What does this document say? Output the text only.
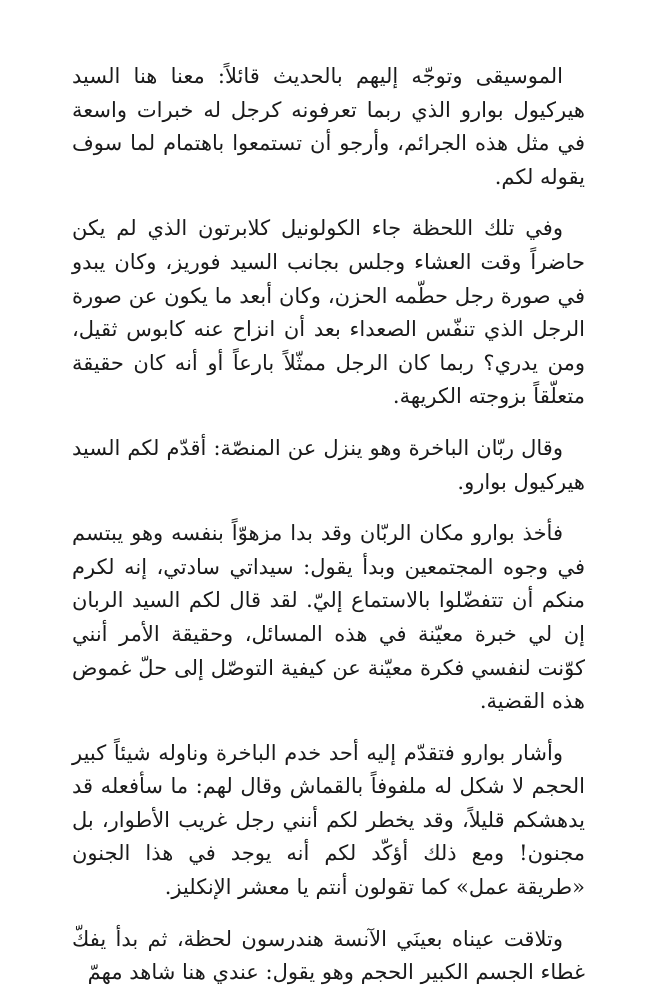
الموسيقى وتوجّه إليهم بالحديث قائلاً: معنا هنا السيد هيركيول بوارو الذي ربما تعرفونه كرجل له خبرات واسعة في مثل هذه الجرائم، وأرجو أن تستمعوا باهتمام لما سوف يقوله لكم.

وفي تلك اللحظة جاء الكولونيل كلابرتون الذي لم يكن حاضراً وقت العشاء وجلس بجانب السيد فوريز، وكان يبدو في صورة رجل حطّمه الحزن، وكان أبعد ما يكون عن صورة الرجل الذي تنفّس الصعداء بعد أن انزاح عنه كابوس ثقيل، ومن يدري؟ ربما كان الرجل ممثّلاً بارعاً أو أنه كان حقيقة متعلّقاً بزوجته الكريهة.

وقال ربّان الباخرة وهو ينزل عن المنصّة: أقدّم لكم السيد هيركيول بوارو.

فأخذ بوارو مكان الربّان وقد بدا مزهوّاً بنفسه وهو يبتسم في وجوه المجتمعين وبدأ يقول: سيداتي سادتي، إنه لكرم منكم أن تتفضّلوا بالاستماع إليّ. لقد قال لكم السيد الربان إن لي خبرة معيّنة في هذه المسائل، وحقيقة الأمر أنني كوّنت لنفسي فكرة معيّنة عن كيفية التوصّل إلى حلّ غموض هذه القضية.

وأشار بوارو فتقدّم إليه أحد خدم الباخرة وناوله شيئاً كبير الحجم لا شكل له ملفوفاً بالقماش وقال لهم: ما سأفعله قد يدهشكم قليلاً، وقد يخطر لكم أنني رجل غريب الأطوار، بل مجنون! ومع ذلك أؤكّد لكم أنه يوجد في هذا الجنون «طريقة عمل» كما تقولون أنتم يا معشر الإنكليز.

وتلاقت عيناه بعينَي الآنسة هندرسون لحظة، ثم بدأ يفكّ غطاء الجسم الكبير الحجم وهو يقول: عندي هنا شاهد مهمّ
